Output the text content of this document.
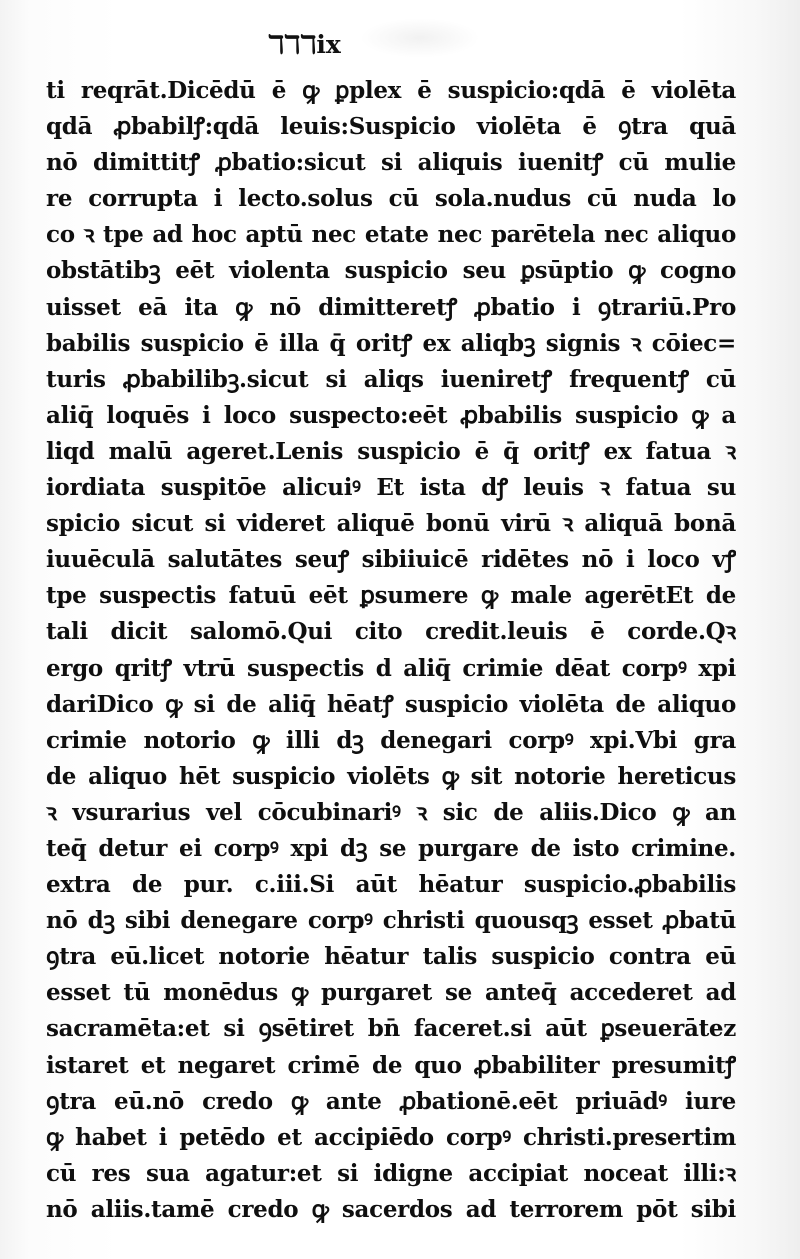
ℸℸℸix
ti reqrāt.Dicēdū ē ꝙ ꝑplex ē suspicio:qdā ē violēta
qdā ꝓbabilꝭ:qdā leuis:Suspicio violēta ē ꝯtra quā
nō dimittitꝭ ꝓbatio:sicut si aliquis iuenitꝭ cū mulie
re corrupta i lecto.solus cū sola.nudus cū nuda lo
co ꝛ tpe ad hoc aptū nec etate nec parētela nec aliquo
obstātibꝫ eēt violenta suspicio seu ꝑsūptio ꝙ cogno
uisset eā ita ꝙ nō dimitteretꝭ ꝓbatio i ꝯtrariū.Pro
babilis suspicio ē illa q̄ oritꝭ ex aliqbꝫ signis ꝛ cōiec=
turis ꝓbabilibꝫ.sicut si aliqs iueniretꝭ frequentꝭ cū
aliq̄ loquēs i loco suspecto:eēt ꝓbabilis suspicio ꝙ a
liqd malū ageret.Lenis suspicio ē q̄ oritꝭ ex fatua ꝛ
iordiata suspitōe alicuiꝰ Et ista dꝭ leuis ꝛ fatua su
spicio sicut si videret aliquē bonū virū ꝛ aliquā bonā
iuuēculā salutātes seuꝭ sibiiuicē ridētes nō i loco vꝭ
tpe suspectis fatuū eēt ꝑsumere ꝙ male agerētEt de
tali dicit salomō.Qui cito credit.leuis ē corde.Qꝛ
ergo qritꝭ vtrū suspectis d aliq̄ crimie dēat corpꝰ xpi
dariDico ꝙ si de aliq̄ hēatꝭ suspicio violēta de aliquo
crimie notorio ꝙ illi dꝫ denegari corpꝰ xpi.Vbi gra
de aliquo hēt suspicio violēts ꝙ sit notorie hereticus
ꝛ vsurarius vel cōcubinariꝰ ꝛ sic de aliis.Dico ꝙ an
teq̄ detur ei corpꝰ xpi dꝫ se purgare de isto crimine.
extra de pur. c.iii.Si aūt hēatur suspicio.ꝓbabilis
nō dꝫ sibi denegare corpꝰ christi quousqꝫ esset ꝓbatū
ꝯtra eū.licet notorie hēatur talis suspicio contra eū
esset tū monēdus ꝙ purgaret se anteq̄ accederet ad
sacramēta:et si ꝯsētiret bn̄ faceret.si aūt ꝑseuerātez
istaret et negaret crimē de quo ꝓbabiliter presumitꝭ
ꝯtra eū.nō credo ꝙ ante ꝓbationē.eēt priuādꝰ iure
ꝙ habet i petēdo et accipiēdo corpꝰ christi.presertim
cū res sua agatur:et si idigne accipiat noceat illi:ꝛ
nō aliis.tamē credo ꝙ sacerdos ad terrorem pōt sibi
